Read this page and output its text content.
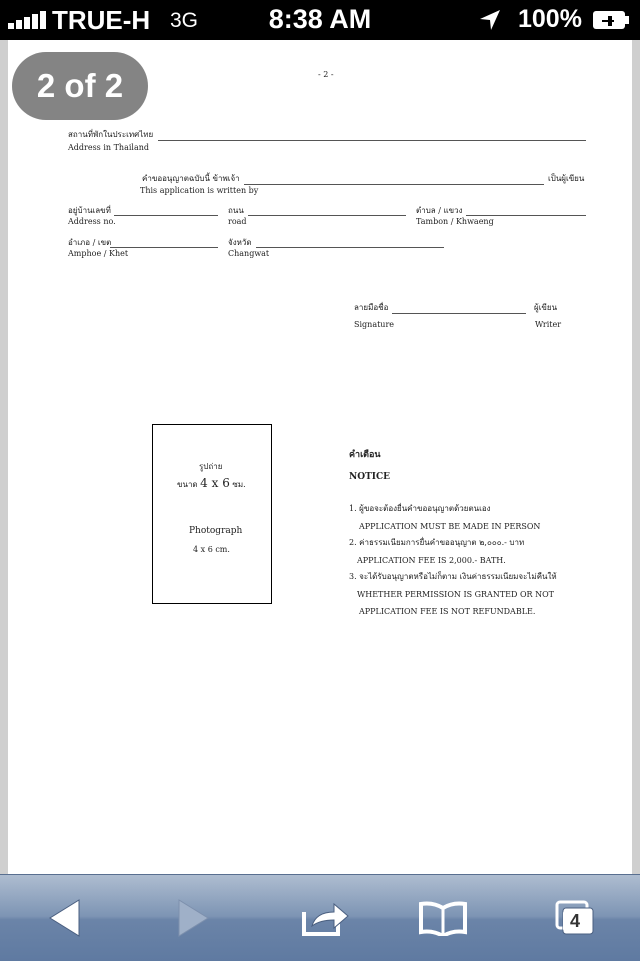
TRUE-H 3G	8:38 AM	100%
- 2 -
สถานที่พักในประเทศไทย
Address in Thailand
คำขออนุญาตฉบับนี้ ข้าพเจ้า	เป็นผู้เขียน
This application is written by
อยู่บ้านเลขที่
Address no.
ถนน
road
ตำบล / แขวง
Tambon / Khwaeng
อำเภอ / เขต
Amphoe / Khet
จังหวัด
Changwat
ลายมือชื่อ	ผู้เขียน
Signature	Writer
รูปถ่าย
ขนาด 4 x 6 ซม.
Photograph
4 x 6 cm.
คำเตือน
NOTICE
1. ผู้ขอจะต้องยื่นคำขออนุญาตด้วยตนเอง
APPLICATION MUST BE MADE IN PERSON
2. ค่าธรรมเนียมการยื่นคำขออนุญาต ๒,๐๐๐.- บาท
APPLICATION FEE IS 2,000.- BATH.
3. จะได้รับอนุญาตหรือไม่ก็ตาม เงินค่าธรรมเนียมจะไม่คืนให้
WHETHER PERMISSION IS GRANTED OR NOT
APPLICATION FEE IS NOT REFUNDABLE.
2 of 2
4
